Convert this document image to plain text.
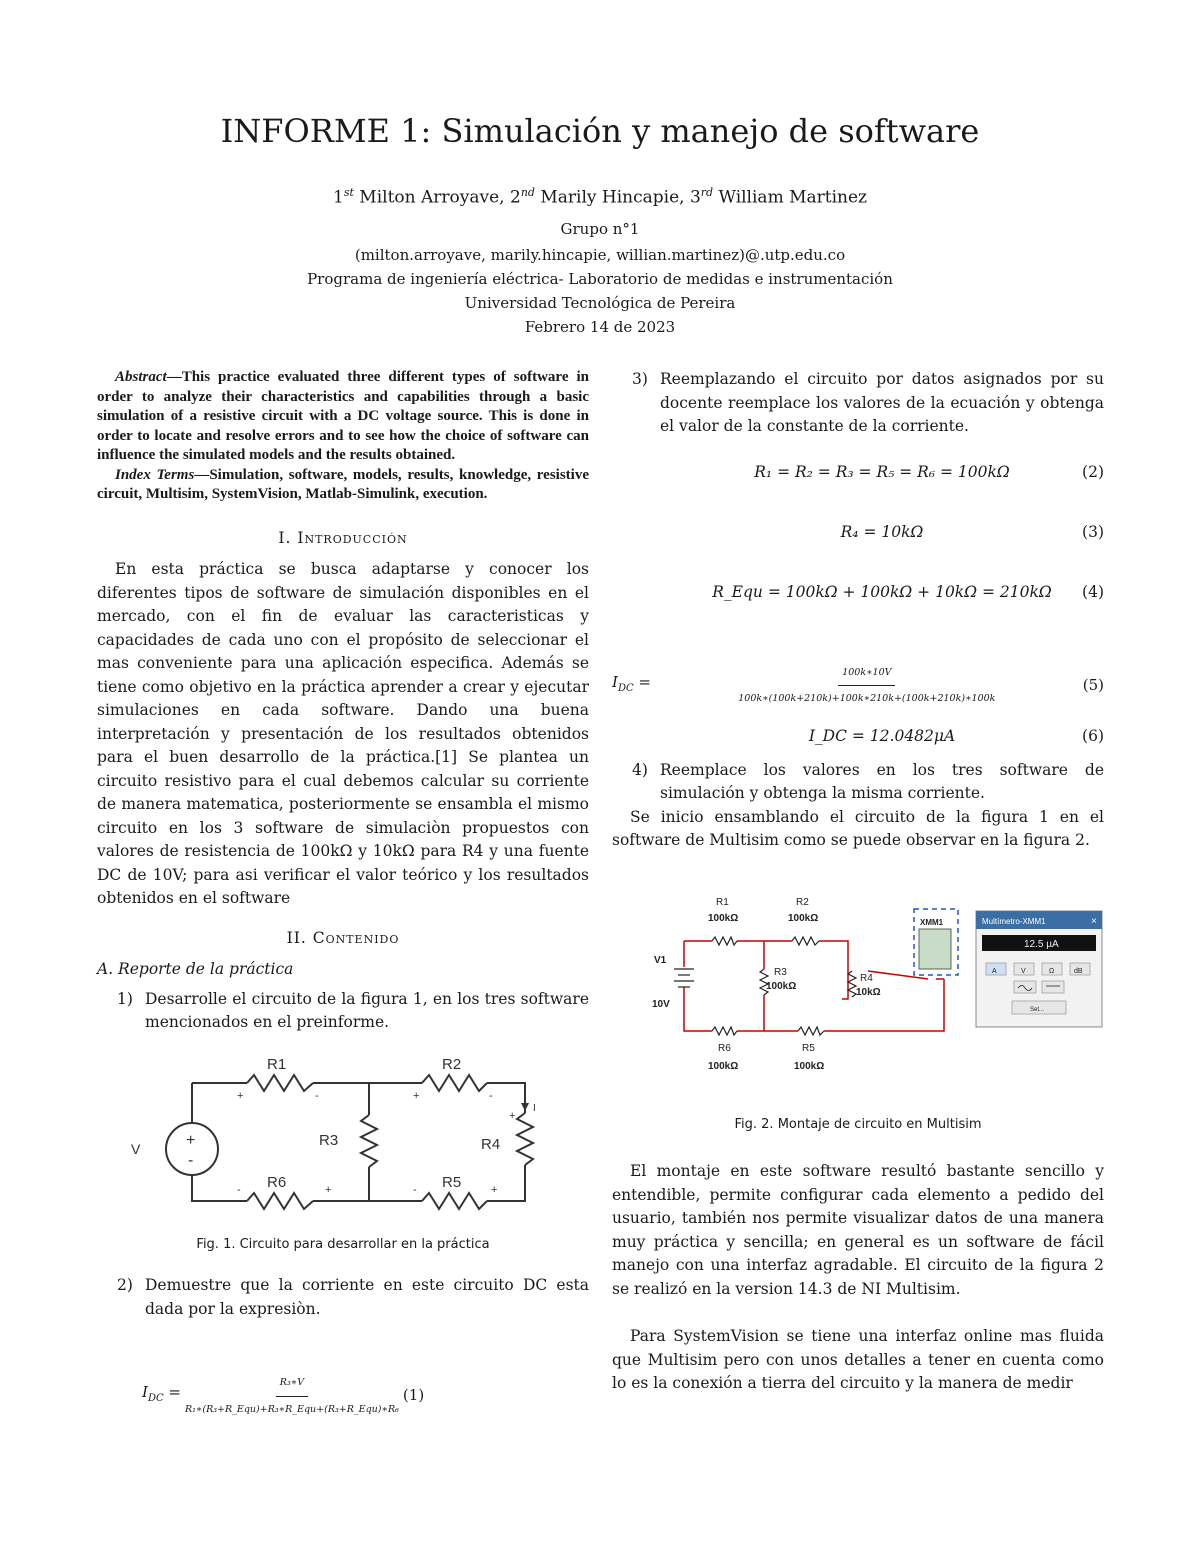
INFORME 1: Simulación y manejo de software
1st Milton Arroyave, 2nd Marily Hincapie, 3rd William Martinez
Grupo n°1
(milton.arroyave, marily.hincapie, willian.martinez)@.utp.edu.co
Programa de ingeniería eléctrica- Laboratorio de medidas e instrumentación
Universidad Tecnológica de Pereira
Febrero 14 de 2023
Abstract—This practice evaluated three different types of software in order to analyze their characteristics and capabilities through a basic simulation of a resistive circuit with a DC voltage source. This is done in order to locate and resolve errors and to see how the choice of software can influence the simulated models and the results obtained.
Index Terms—Simulation, software, models, results, knowledge, resistive circuit, Multisim, SystemVision, Matlab-Simulink, execution.
I. Introducción

En esta práctica se busca adaptarse y conocer los diferentes tipos de software de simulación disponibles en el mercado, con el fin de evaluar las caracteristicas y capacidades de cada uno con el propósito de seleccionar el mas conveniente para una aplicación especifica. Además se tiene como objetivo en la práctica aprender a crear y ejecutar simulaciones en cada software. Dando una buena interpretación y presentación de los resultados obtenidos para el buen desarrollo de la práctica.[1] Se plantea un circuito resistivo para el cual debemos calcular su corriente de manera matematica, posteriormente se ensambla el mismo circuito en los 3 software de simulaciòn propuestos con valores de resistencia de 100kΩ y 10kΩ para R4 y una fuente DC de 10V; para asi verificar el valor teórico y los resultados obtenidos en el software

II. Contenido
A. Reporte de la práctica
1) Desarrolle el circuito de la figura 1, en los tres software mencionados en el preinforme.
R1	R2
R3	R4
R5
R6
V	+
-
+	-	+	-
+
I
-	+	-	+
Fig. 1. Circuito para desarrollar en la práctica
2) Demuestre que la corriente en este circuito DC esta dada por la expresiòn.
$I_{DC} = \frac{\text{R₃∗V}}{\text{R₁∗(R₃+R\_Equ)+R₃∗R\_Equ+(R₃+R\_Equ)∗R₆}} (1)$
3) Reemplazando el circuito por datos asignados por su docente reemplace los valores de la ecuación y obtenga el valor de la constante de la corriente.
R₁ = R₂ = R₃ = R₅ = R₆ = 100kΩ	(2)
R₄ = 10kΩ	(3)
R_Equ = 100kΩ + 100kΩ + 10kΩ = 210kΩ	(4)
$I_{DC}$ =	$\frac{100k∗10V}{100k∗(100k+210k)+100k∗210k+(100k+210k)∗100k}$	(5)
I_DC = 12.0482μA	(6)
4) Reemplace los valores en los tres software de simulación y obtenga la misma corriente.

Se inicio ensamblando el circuito de la figura 1 en el software de Multisim como se puede observar en la figura 2.

R1
100kΩ
R2
100kΩ
R3
100kΩ
R4
10kΩ
R5
100kΩ
R6
100kΩ
V1
10V
XMM1	Multímetro-XMM1	×
12.5 µA
A	V	Ω	dB
Set...
Fig. 2. Montaje de circuito en Multisim

El montaje en este software resultó bastante sencillo y entendible, permite configurar cada elemento a pedido del usuario, también nos permite visualizar datos de una manera muy práctica y sencilla; en general es un software de fácil manejo con una interfaz agradable. El circuito de la figura 2 se realizó en la version 14.3 de NI Multisim.

Para SystemVision se tiene una interfaz online mas fluida que Multisim pero con unos detalles a tener en cuenta como lo es la conexión a tierra del circuito y la manera de medir
